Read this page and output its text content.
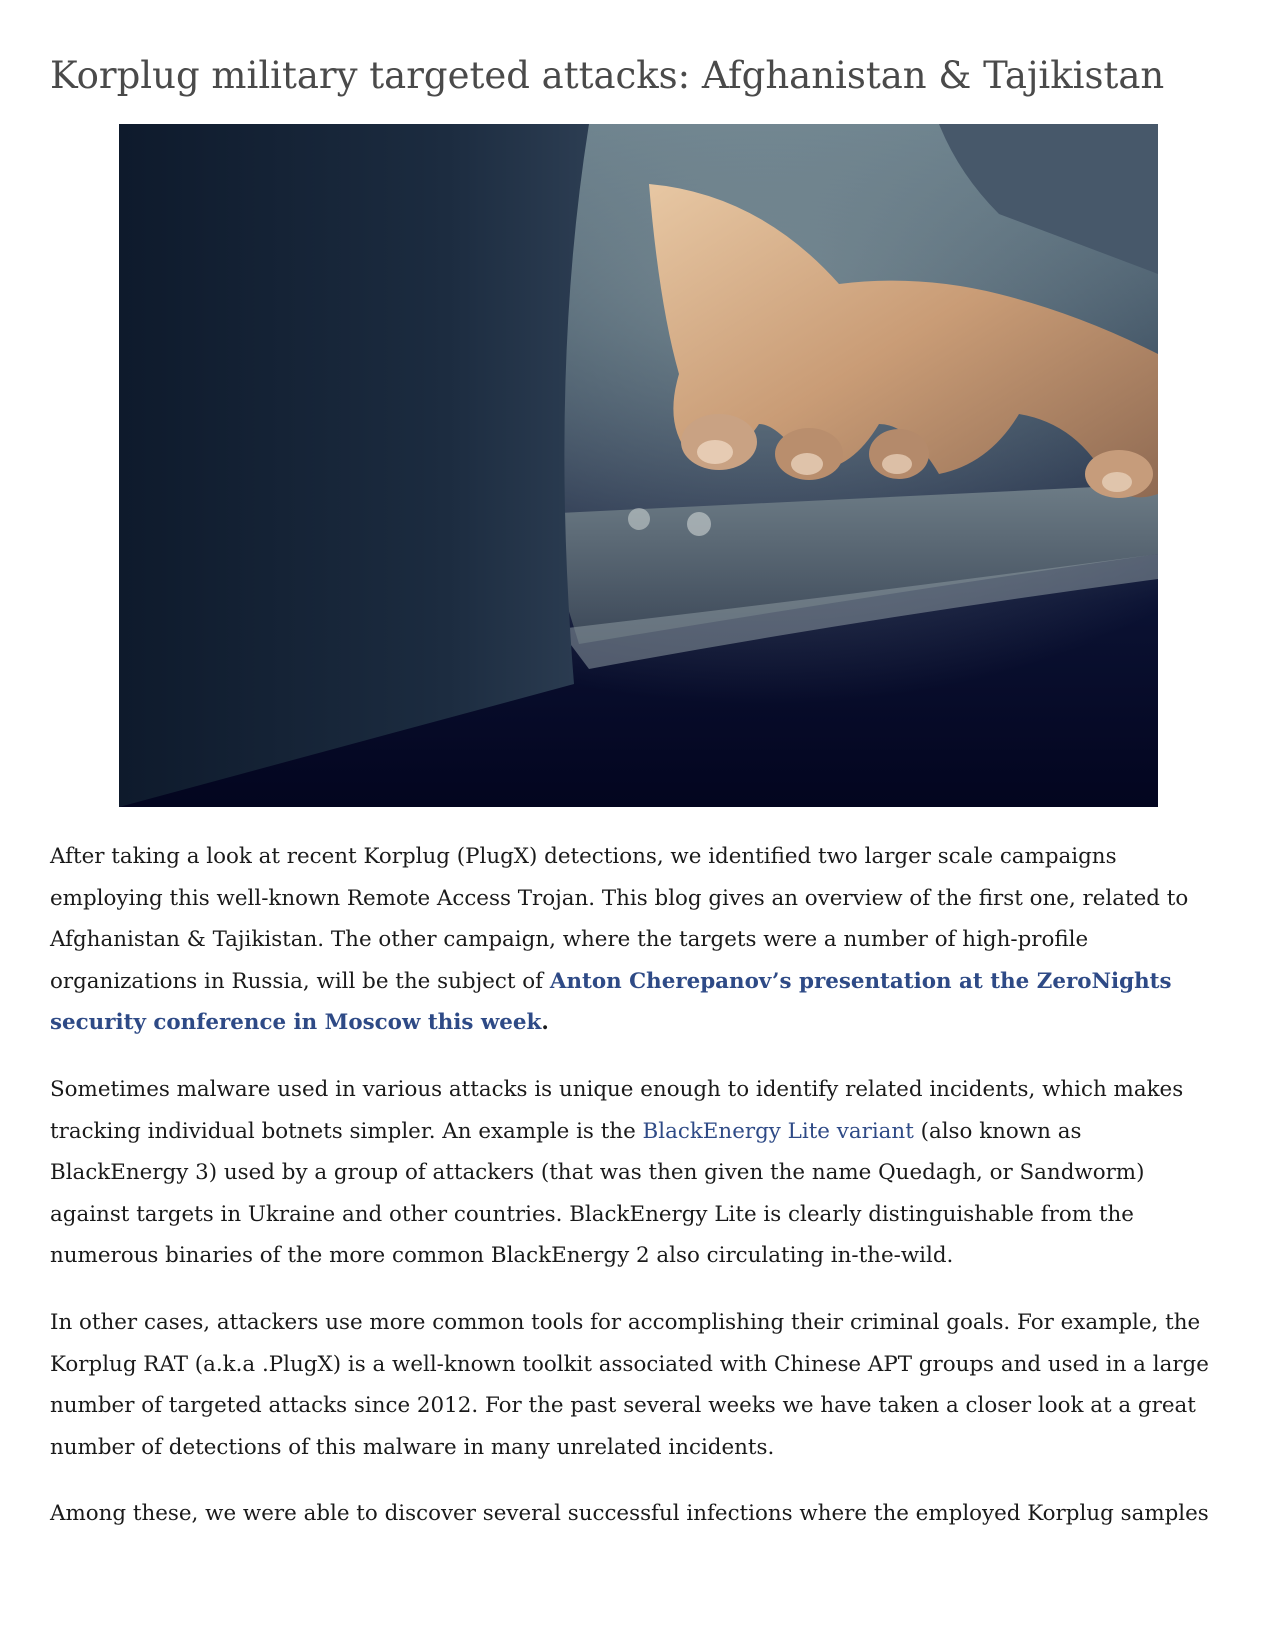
Korplug military targeted attacks: Afghanistan & Tajikistan

After taking a look at recent Korplug (PlugX) detections, we identified two larger scale campaigns employing this well-known Remote Access Trojan. This blog gives an overview of the first one, related to Afghanistan & Tajikistan. The other campaign, where the targets were a number of high-profile organizations in Russia, will be the subject of Anton Cherepanov’s presentation at the ZeroNights security conference in Moscow this week.

Sometimes malware used in various attacks is unique enough to identify related incidents, which makes tracking individual botnets simpler. An example is the BlackEnergy Lite variant (also known as BlackEnergy 3) used by a group of attackers (that was then given the name Quedagh, or Sandworm) against targets in Ukraine and other countries. BlackEnergy Lite is clearly distinguishable from the numerous binaries of the more common BlackEnergy 2 also circulating in-the-wild.

In other cases, attackers use more common tools for accomplishing their criminal goals. For example, the Korplug RAT (a.k.a .PlugX) is a well-known toolkit associated with Chinese APT groups and used in a large number of targeted attacks since 2012. For the past several weeks we have taken a closer look at a great number of detections of this malware in many unrelated incidents.

Among these, we were able to discover several successful infections where the employed Korplug samples
